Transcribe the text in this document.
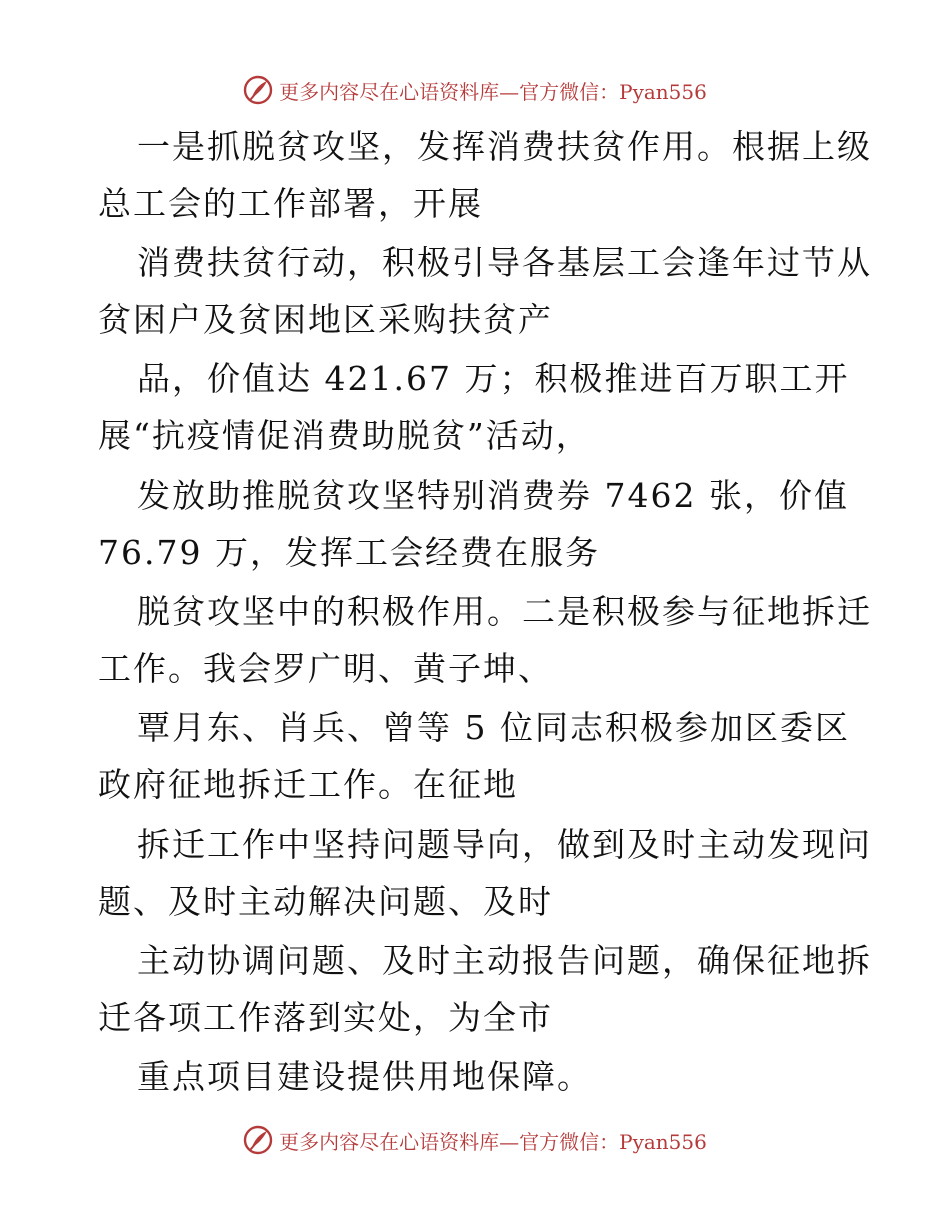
更多内容尽在心语资料库—官方微信：Pyan556
一是抓脱贫攻坚，发挥消费扶贫作用。根据上级
总工会的工作部署，开展
消费扶贫行动，积极引导各基层工会逢年过节从
贫困户及贫困地区采购扶贫产
品，价值达 421.67 万；积极推进百万职工开
展“抗疫情促消费助脱贫”活动，
发放助推脱贫攻坚特别消费券 7462 张，价值
76.79 万，发挥工会经费在服务
脱贫攻坚中的积极作用。二是积极参与征地拆迁
工作。我会罗广明、黄子坤、
覃月东、肖兵、曾等 5 位同志积极参加区委区
政府征地拆迁工作。在征地
拆迁工作中坚持问题导向，做到及时主动发现问
题、及时主动解决问题、及时
主动协调问题、及时主动报告问题，确保征地拆
迁各项工作落到实处，为全市
重点项目建设提供用地保障。
更多内容尽在心语资料库—官方微信：Pyan556
